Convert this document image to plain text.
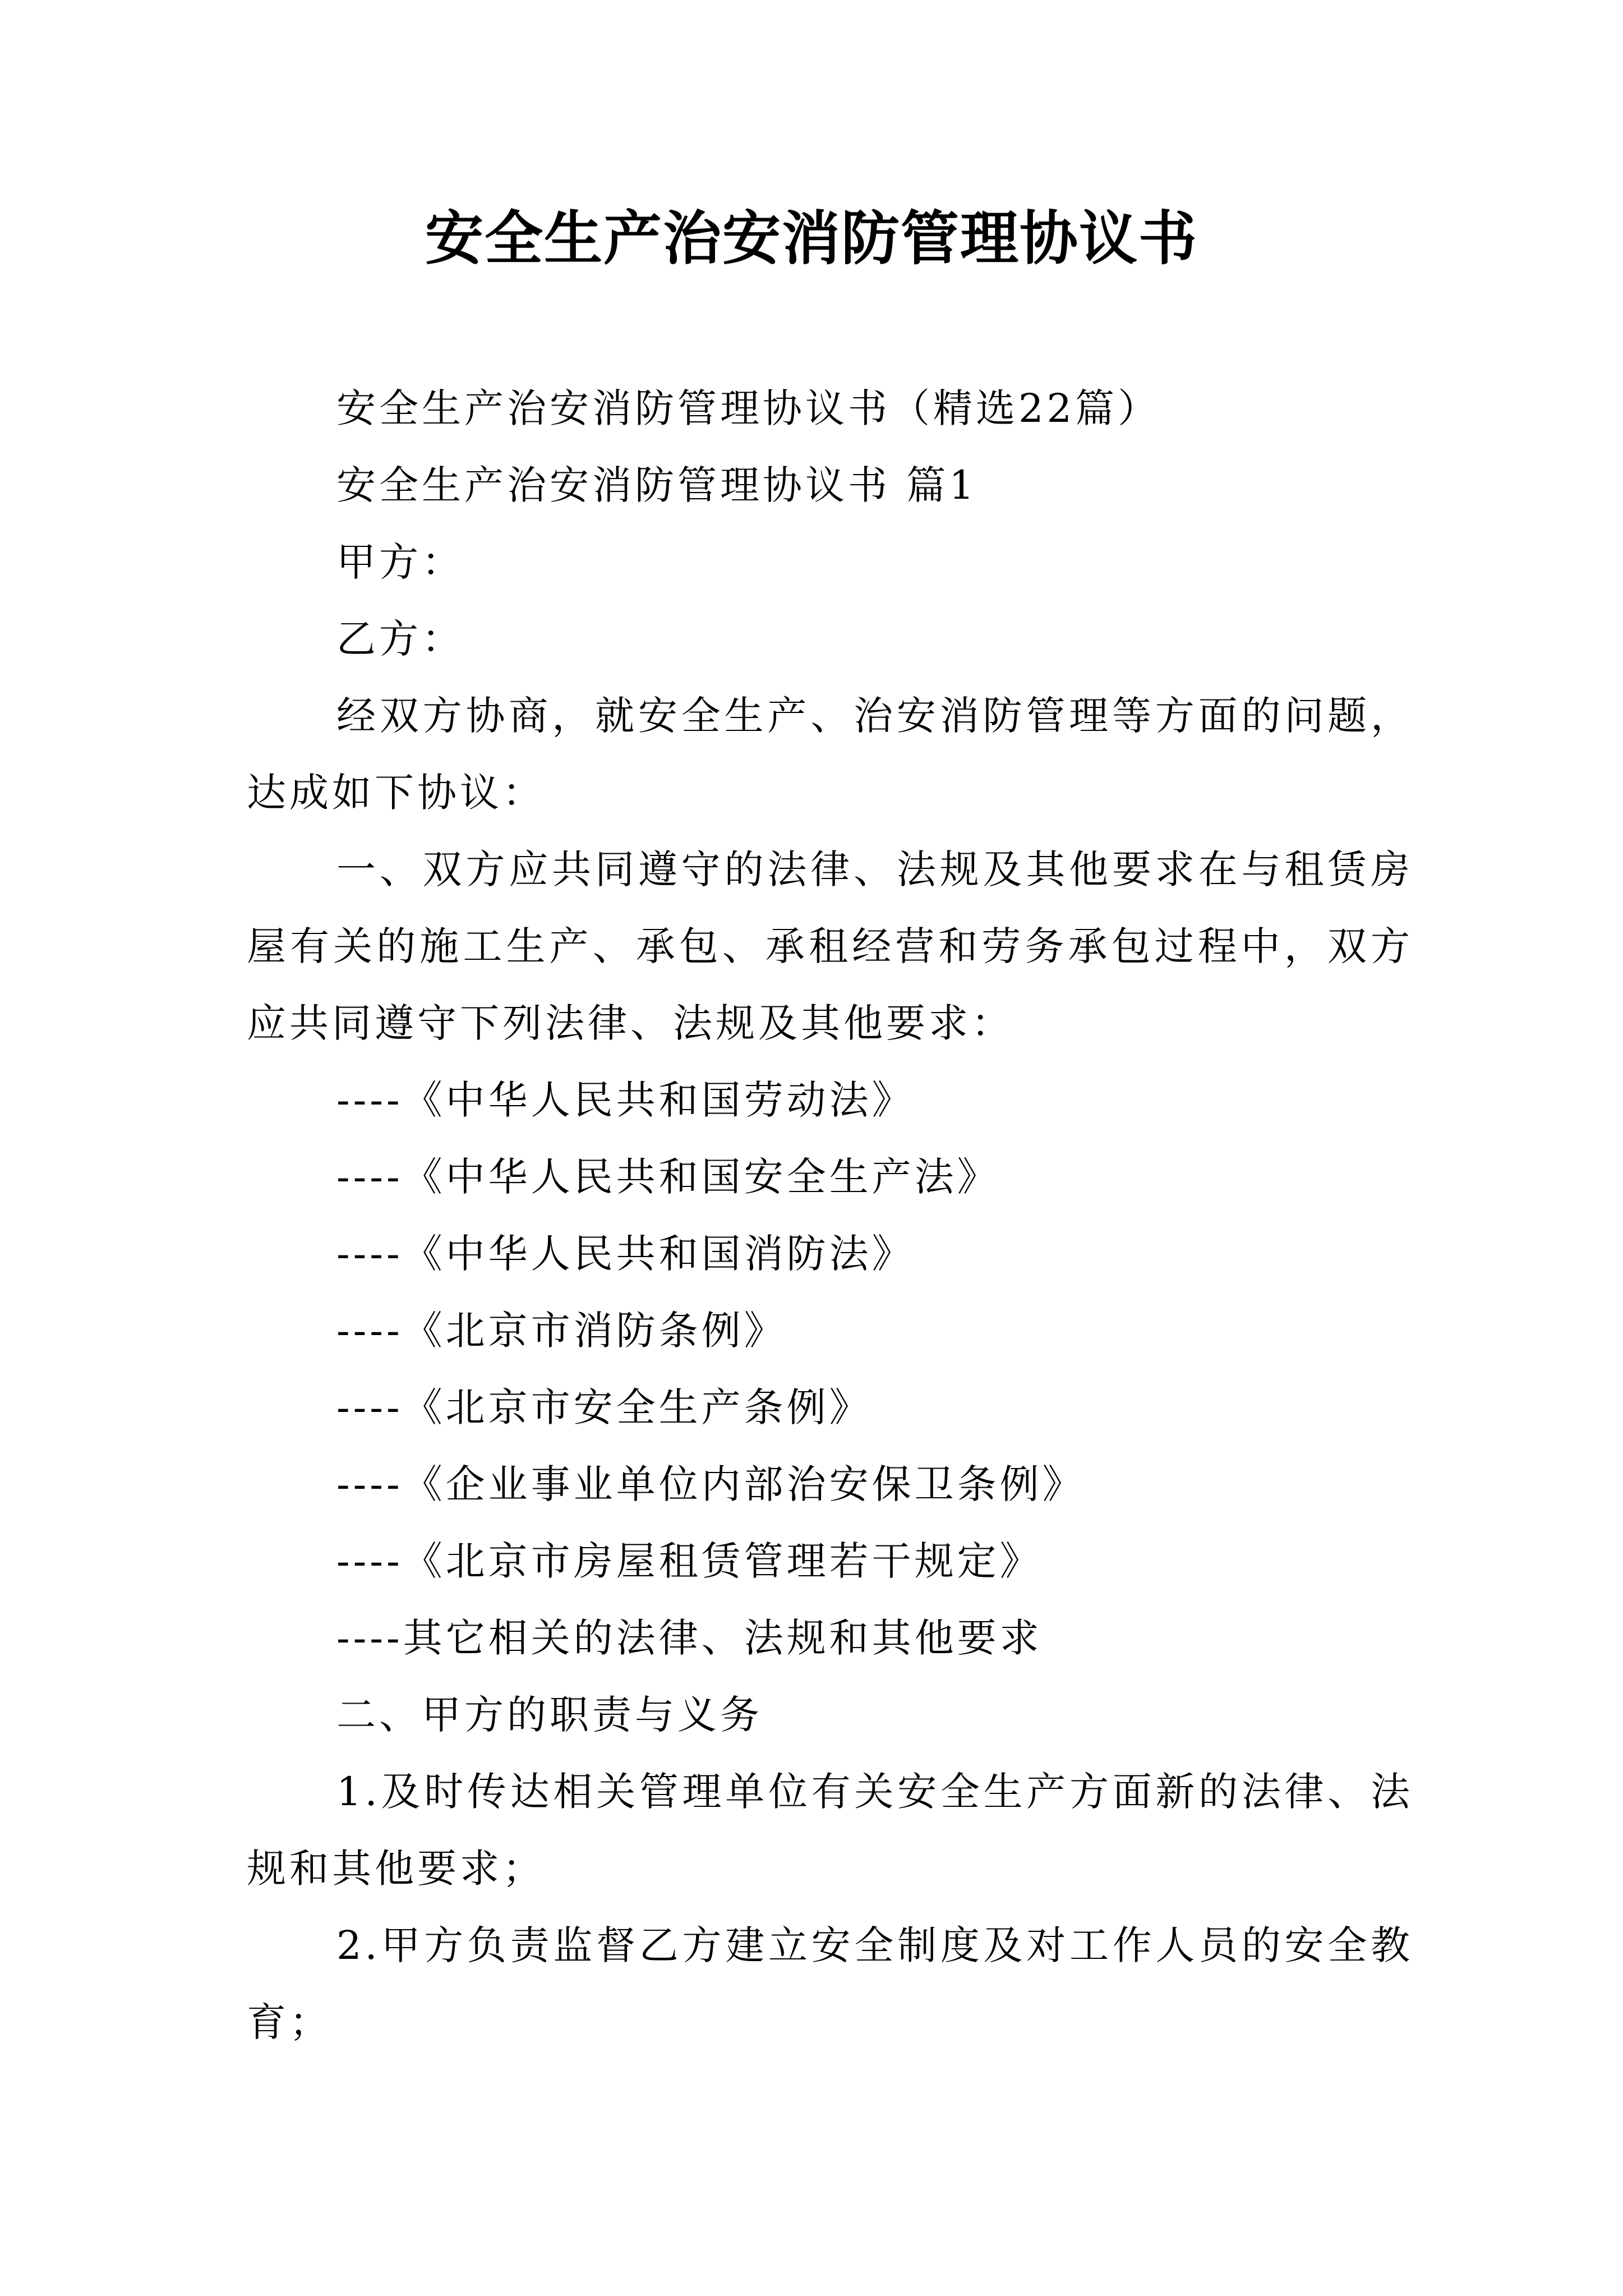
安全生产治安消防管理协议书

安全生产治安消防管理协议书（精选22篇）

安全生产治安消防管理协议书 篇1

甲方：

乙方：

经双方协商，就安全生产、治安消防管理等方面的问题，达成如下协议：

一、双方应共同遵守的法律、法规及其他要求在与租赁房屋有关的施工生产、承包、承租经营和劳务承包过程中，双方应共同遵守下列法律、法规及其他要求：

----《中华人民共和国劳动法》

----《中华人民共和国安全生产法》

----《中华人民共和国消防法》

----《北京市消防条例》

----《北京市安全生产条例》

----《企业事业单位内部治安保卫条例》

----《北京市房屋租赁管理若干规定》

----其它相关的法律、法规和其他要求

二、甲方的职责与义务

1.及时传达相关管理单位有关安全生产方面新的法律、法规和其他要求；

2.甲方负责监督乙方建立安全制度及对工作人员的安全教育；
